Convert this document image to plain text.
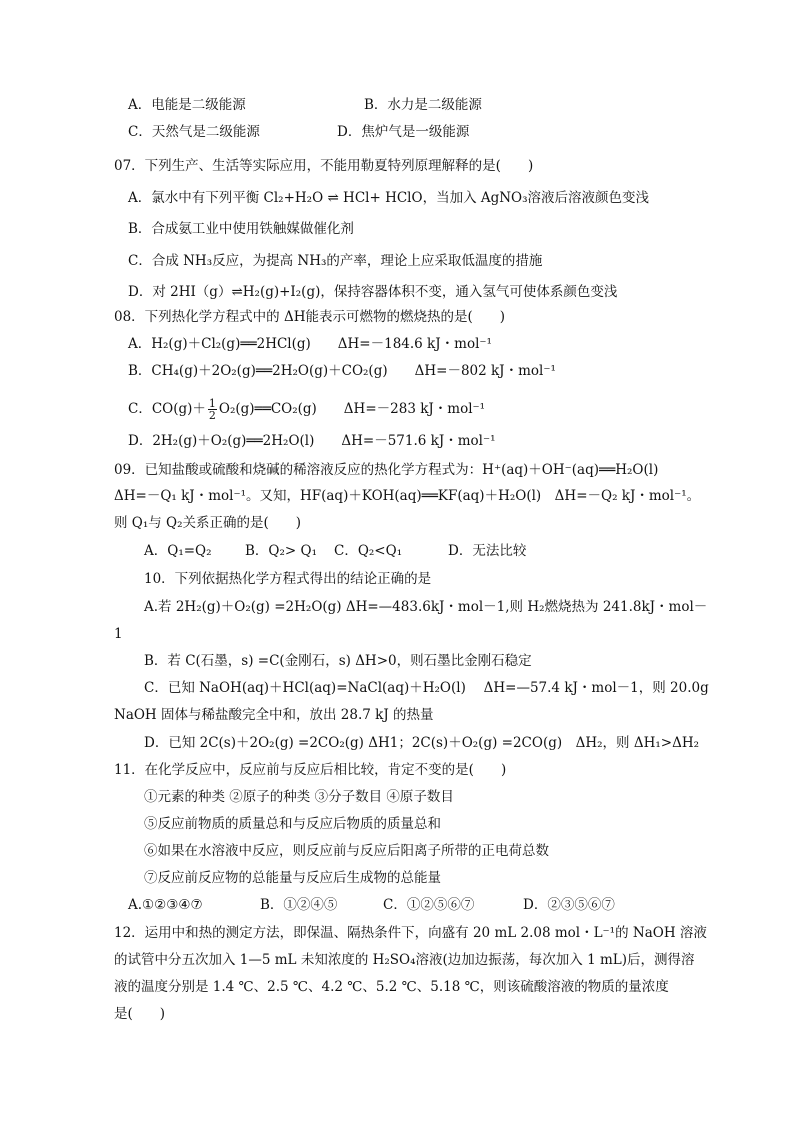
A．电能是二级能源	B．水力是二级能源
C．天然气是二级能源	D．焦炉气是一级能源
07．下列生产、生活等实际应用，不能用勒夏特列原理解释的是(　　)
A．氯水中有下列平衡 Cl₂+H₂O ⇌ HCl+ HClO，当加入 AgNO₃溶液后溶液颜色变浅
B．合成氨工业中使用铁触媒做催化剂
C．合成 NH₃反应，为提高 NH₃的产率，理论上应采取低温度的措施
D．对 2HI（g）⇌H₂(g)+I₂(g)，保持容器体积不变，通入氢气可使体系颜色变浅
08．下列热化学方程式中的 ΔH能表示可燃物的燃烧热的是(　　)
A．H₂(g)＋Cl₂(g)══2HCl(g)　　ΔH=－184.6 kJ・mol⁻¹
B．CH₄(g)＋2O₂(g)══2H₂O(g)＋CO₂(g)　　ΔH=－802 kJ・mol⁻¹
C．$CO(g)+ \frac{1}{2}$ O₂(g)══CO₂(g)　　ΔH=－283 kJ・mol⁻¹
D．2H₂(g)＋O₂(g)══2H₂O(l)　　ΔH=－571.6 kJ・mol⁻¹
09．已知盐酸或硫酸和烧碱的稀溶液反应的热化学方程式为：H⁺(aq)＋OH⁻(aq)══H₂O(l)
ΔH=－Q₁ kJ・mol⁻¹。又知，HF(aq)＋KOH(aq)══KF(aq)＋H₂O(l)　ΔH=－Q₂ kJ・mol⁻¹。
则 Q₁与 Q₂关系正确的是(　　)
A．Q₁=Q₂ B．Q₂> Q₁ C．Q₂<Q₁	D．无法比较
10．下列依据热化学方程式得出的结论正确的是
A.若 2H₂(g)＋O₂(g) =2H₂O(g) ΔH=—483.6kJ・mol－1,则 H₂燃烧热为 241.8kJ・mol－
1
B．若 C(石墨，s) =C(金刚石，s) ΔH>0，则石墨比金刚石稳定
C．已知 NaOH(aq)＋HCl(aq)=NaCl(aq)＋H₂O(l)　 ΔH=—57.4 kJ・mol－1，则 20.0g
NaOH 固体与稀盐酸完全中和，放出 28.7 kJ 的热量
D．已知 2C(s)＋2O₂(g) =2CO₂(g) ΔH1；2C(s)＋O₂(g) =2CO(g)　ΔH₂，则 ΔH₁>ΔH₂
11．在化学反应中，反应前与反应后相比较，肯定不变的是(　　)
①元素的种类 ②原子的种类 ③分子数目 ④原子数目
⑤反应前物质的质量总和与反应后物质的质量总和
⑥如果在水溶液中反应，则反应前与反应后阳离子所带的正电荷总数
⑦反应前反应物的总能量与反应后生成物的总能量
A.①②③④⑦	B．①②④⑤	C．①②⑤⑥⑦	D．②③⑤⑥⑦
12．运用中和热的测定方法，即保温、隔热条件下，向盛有 20 mL 2.08 mol・L⁻¹的 NaOH 溶液
的试管中分五次加入 1—5 mL 未知浓度的 H₂SO₄溶液(边加边振荡，每次加入 1 mL)后，测得溶
液的温度分别是 1.4 ℃、2.5 ℃、4.2 ℃、5.2 ℃、5.18 ℃，则该硫酸溶液的物质的量浓度
是(　　)
